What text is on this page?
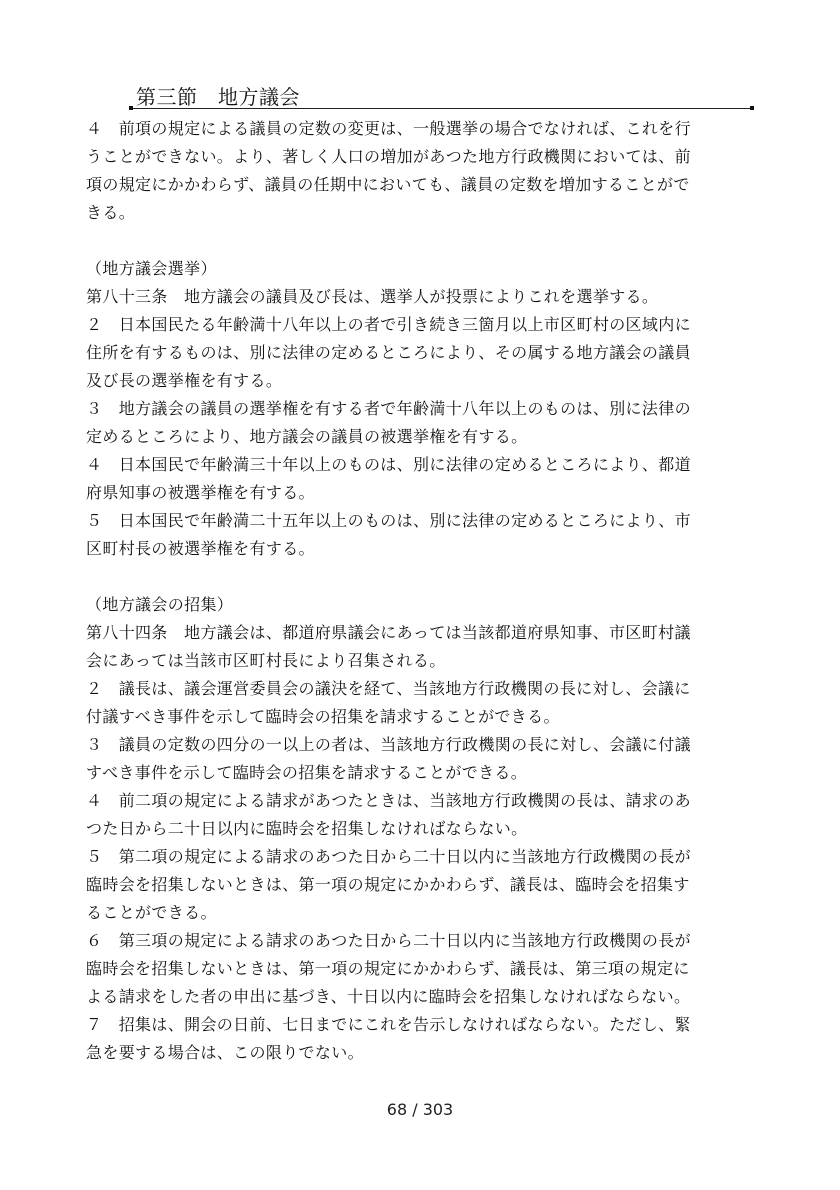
第三節　地方議会
４　前項の規定による議員の定数の変更は、一般選挙の場合でなければ、これを行
うことができない。より、著しく人口の増加があつた地方行政機関においては、前
項の規定にかかわらず、議員の任期中においても、議員の定数を増加することがで
きる。
（地方議会選挙）
第八十三条　地方議会の議員及び長は、選挙人が投票によりこれを選挙する。
２　日本国民たる年齢満十八年以上の者で引き続き三箇月以上市区町村の区域内に
住所を有するものは、別に法律の定めるところにより、その属する地方議会の議員
及び長の選挙権を有する。
３　地方議会の議員の選挙権を有する者で年齢満十八年以上のものは、別に法律の
定めるところにより、地方議会の議員の被選挙権を有する。
４　日本国民で年齢満三十年以上のものは、別に法律の定めるところにより、都道
府県知事の被選挙権を有する。
５　日本国民で年齢満二十五年以上のものは、別に法律の定めるところにより、市
区町村長の被選挙権を有する。
（地方議会の招集）
第八十四条　地方議会は、都道府県議会にあっては当該都道府県知事、市区町村議
会にあっては当該市区町村長により召集される。
２　議長は、議会運営委員会の議決を経て、当該地方行政機関の長に対し、会議に
付議すべき事件を示して臨時会の招集を請求することができる。
３　議員の定数の四分の一以上の者は、当該地方行政機関の長に対し、会議に付議
すべき事件を示して臨時会の招集を請求することができる。
４　前二項の規定による請求があつたときは、当該地方行政機関の長は、請求のあ
つた日から二十日以内に臨時会を招集しなければならない。
５　第二項の規定による請求のあつた日から二十日以内に当該地方行政機関の長が
臨時会を招集しないときは、第一項の規定にかかわらず、議長は、臨時会を招集す
ることができる。
６　第三項の規定による請求のあつた日から二十日以内に当該地方行政機関の長が
臨時会を招集しないときは、第一項の規定にかかわらず、議長は、第三項の規定に
よる請求をした者の申出に基づき、十日以内に臨時会を招集しなければならない。
７　招集は、開会の日前、七日までにこれを告示しなければならない。ただし、緊
急を要する場合は、この限りでない。
68 / 303
